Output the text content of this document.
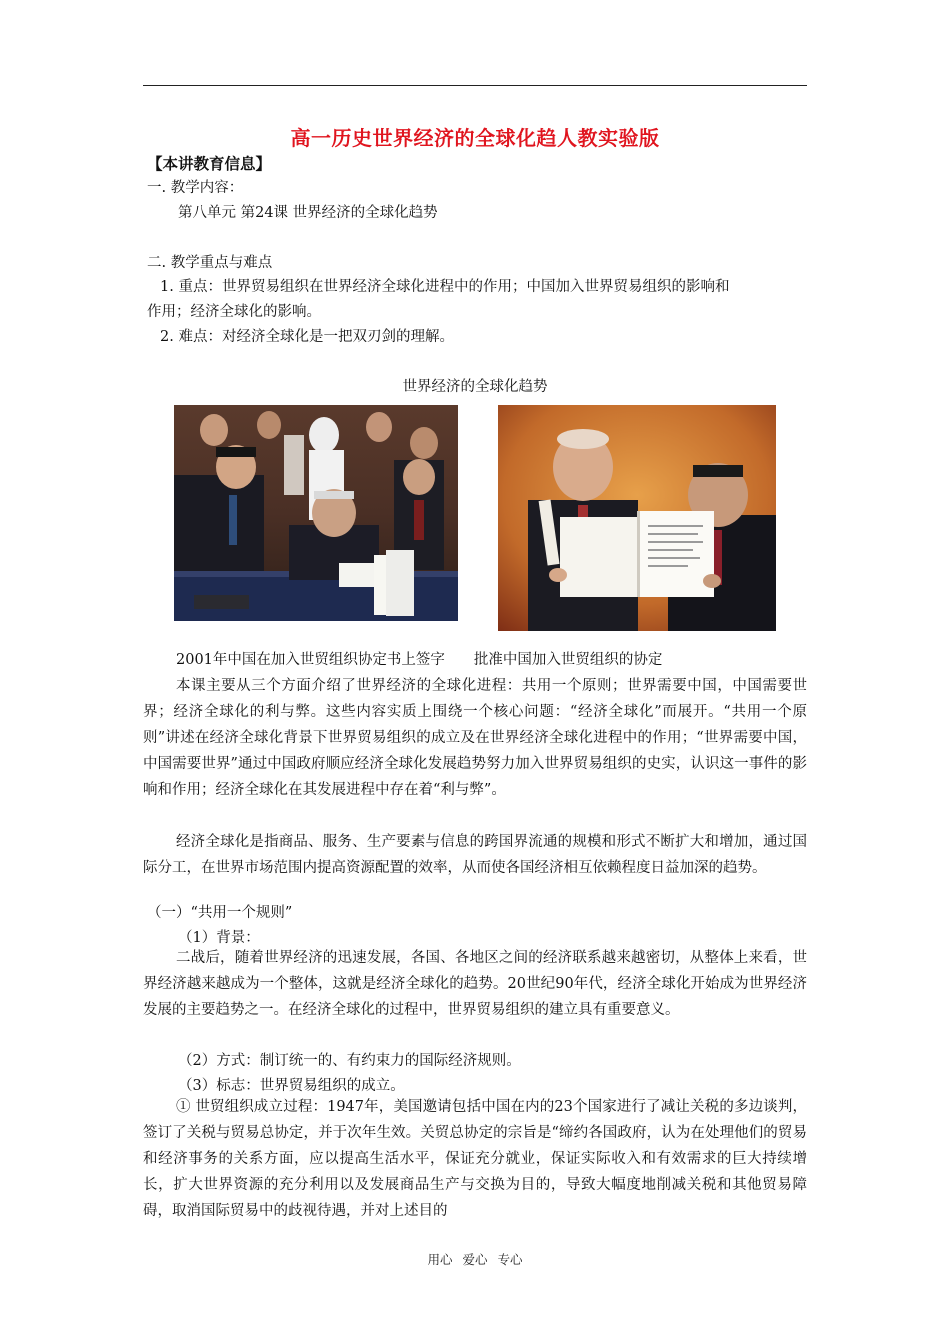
高一历史世界经济的全球化趋人教实验版
【本讲教育信息】
一. 教学内容：
第八单元 第24课 世界经济的全球化趋势
二. 教学重点与难点
1. 重点：世界贸易组织在世界经济全球化进程中的作用；中国加入世界贸易组织的影响和
作用；经济全球化的影响。
2. 难点：对经济全球化是一把双刃剑的理解。
世界经济的全球化趋势
2001年中国在加入世贸组织协定书上签字　　批准中国加入世贸组织的协定
本课主要从三个方面介绍了世界经济的全球化进程：共用一个原则；世界需要中国，中国需要世界；经济全球化的利与弊。这些内容实质上围绕一个核心问题：“经济全球化”而展开。“共用一个原则”讲述在经济全球化背景下世界贸易组织的成立及在世界经济全球化进程中的作用；“世界需要中国，中国需要世界”通过中国政府顺应经济全球化发展趋势努力加入世界贸易组织的史实，认识这一事件的影响和作用；经济全球化在其发展进程中存在着“利与弊”。
经济全球化是指商品、服务、生产要素与信息的跨国界流通的规模和形式不断扩大和增加，通过国际分工，在世界市场范围内提高资源配置的效率，从而使各国经济相互依赖程度日益加深的趋势。
（一）“共用一个规则”
（1）背景：
二战后，随着世界经济的迅速发展，各国、各地区之间的经济联系越来越密切，从整体上来看，世界经济越来越成为一个整体，这就是经济全球化的趋势。20世纪90年代，经济全球化开始成为世界经济发展的主要趋势之一。在经济全球化的过程中，世界贸易组织的建立具有重要意义。
（2）方式：制订统一的、有约束力的国际经济规则。
（3）标志：世界贸易组织的成立。
① 世贸组织成立过程：1947年，美国邀请包括中国在内的23个国家进行了减让关税的多边谈判，签订了关税与贸易总协定，并于次年生效。关贸总协定的宗旨是“缔约各国政府，认为在处理他们的贸易和经济事务的关系方面，应以提高生活水平，保证充分就业，保证实际收入和有效需求的巨大持续增长，扩大世界资源的充分利用以及发展商品生产与交换为目的，导致大幅度地削减关税和其他贸易障碍，取消国际贸易中的歧视待遇，并对上述目的
用心 爱心 专心
